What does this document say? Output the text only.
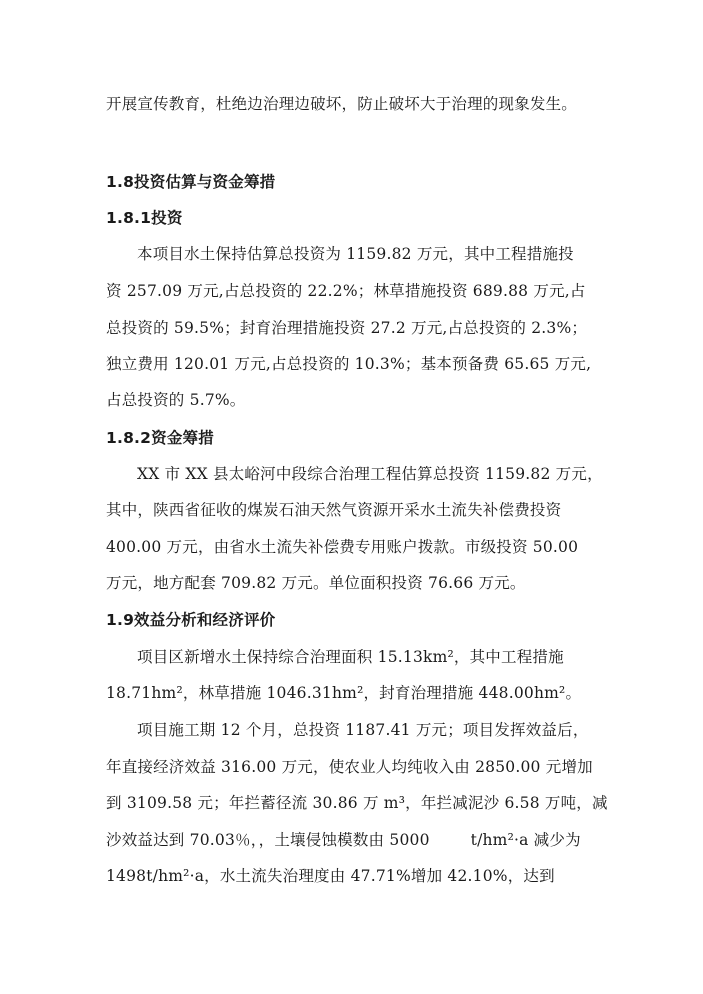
开展宣传教育，杜绝边治理边破坏，防止破坏大于治理的现象发生。
1.8投资估算与资金筹措
1.8.1投资
本项目水土保持估算总投资为 1159.82 万元，其中工程措施投
资 257.09 万元,占总投资的 22.2%；林草措施投资 689.88 万元,占
总投资的 59.5%；封育治理措施投资 27.2 万元,占总投资的 2.3%；
独立费用 120.01 万元,占总投资的 10.3%；基本预备费 65.65 万元,
占总投资的 5.7%。
1.8.2资金筹措
XX 市 XX 县太峪河中段综合治理工程估算总投资 1159.82 万元，
其中，陕西省征收的煤炭石油天然气资源开采水土流失补偿费投资
400.00 万元，由省水土流失补偿费专用账户拨款。市级投资 50.00
万元，地方配套 709.82 万元。单位面积投资 76.66 万元。
1.9效益分析和经济评价
项目区新增水土保持综合治理面积 15.13km²，其中工程措施
18.71hm²，林草措施 1046.31hm²，封育治理措施 448.00hm²。
项目施工期 12 个月，总投资 1187.41 万元；项目发挥效益后，
年直接经济效益 316.00 万元，使农业人均纯收入由 2850.00 元增加
到 3109.58 元；年拦蓄径流 30.86 万 m³，年拦减泥沙 6.58 万吨，减
沙效益达到 70.03％，，土壤侵蚀模数由 5000        t/hm²·a 减少为
1498t/hm²·a，水土流失治理度由 47.71%增加 42.10%，达到
